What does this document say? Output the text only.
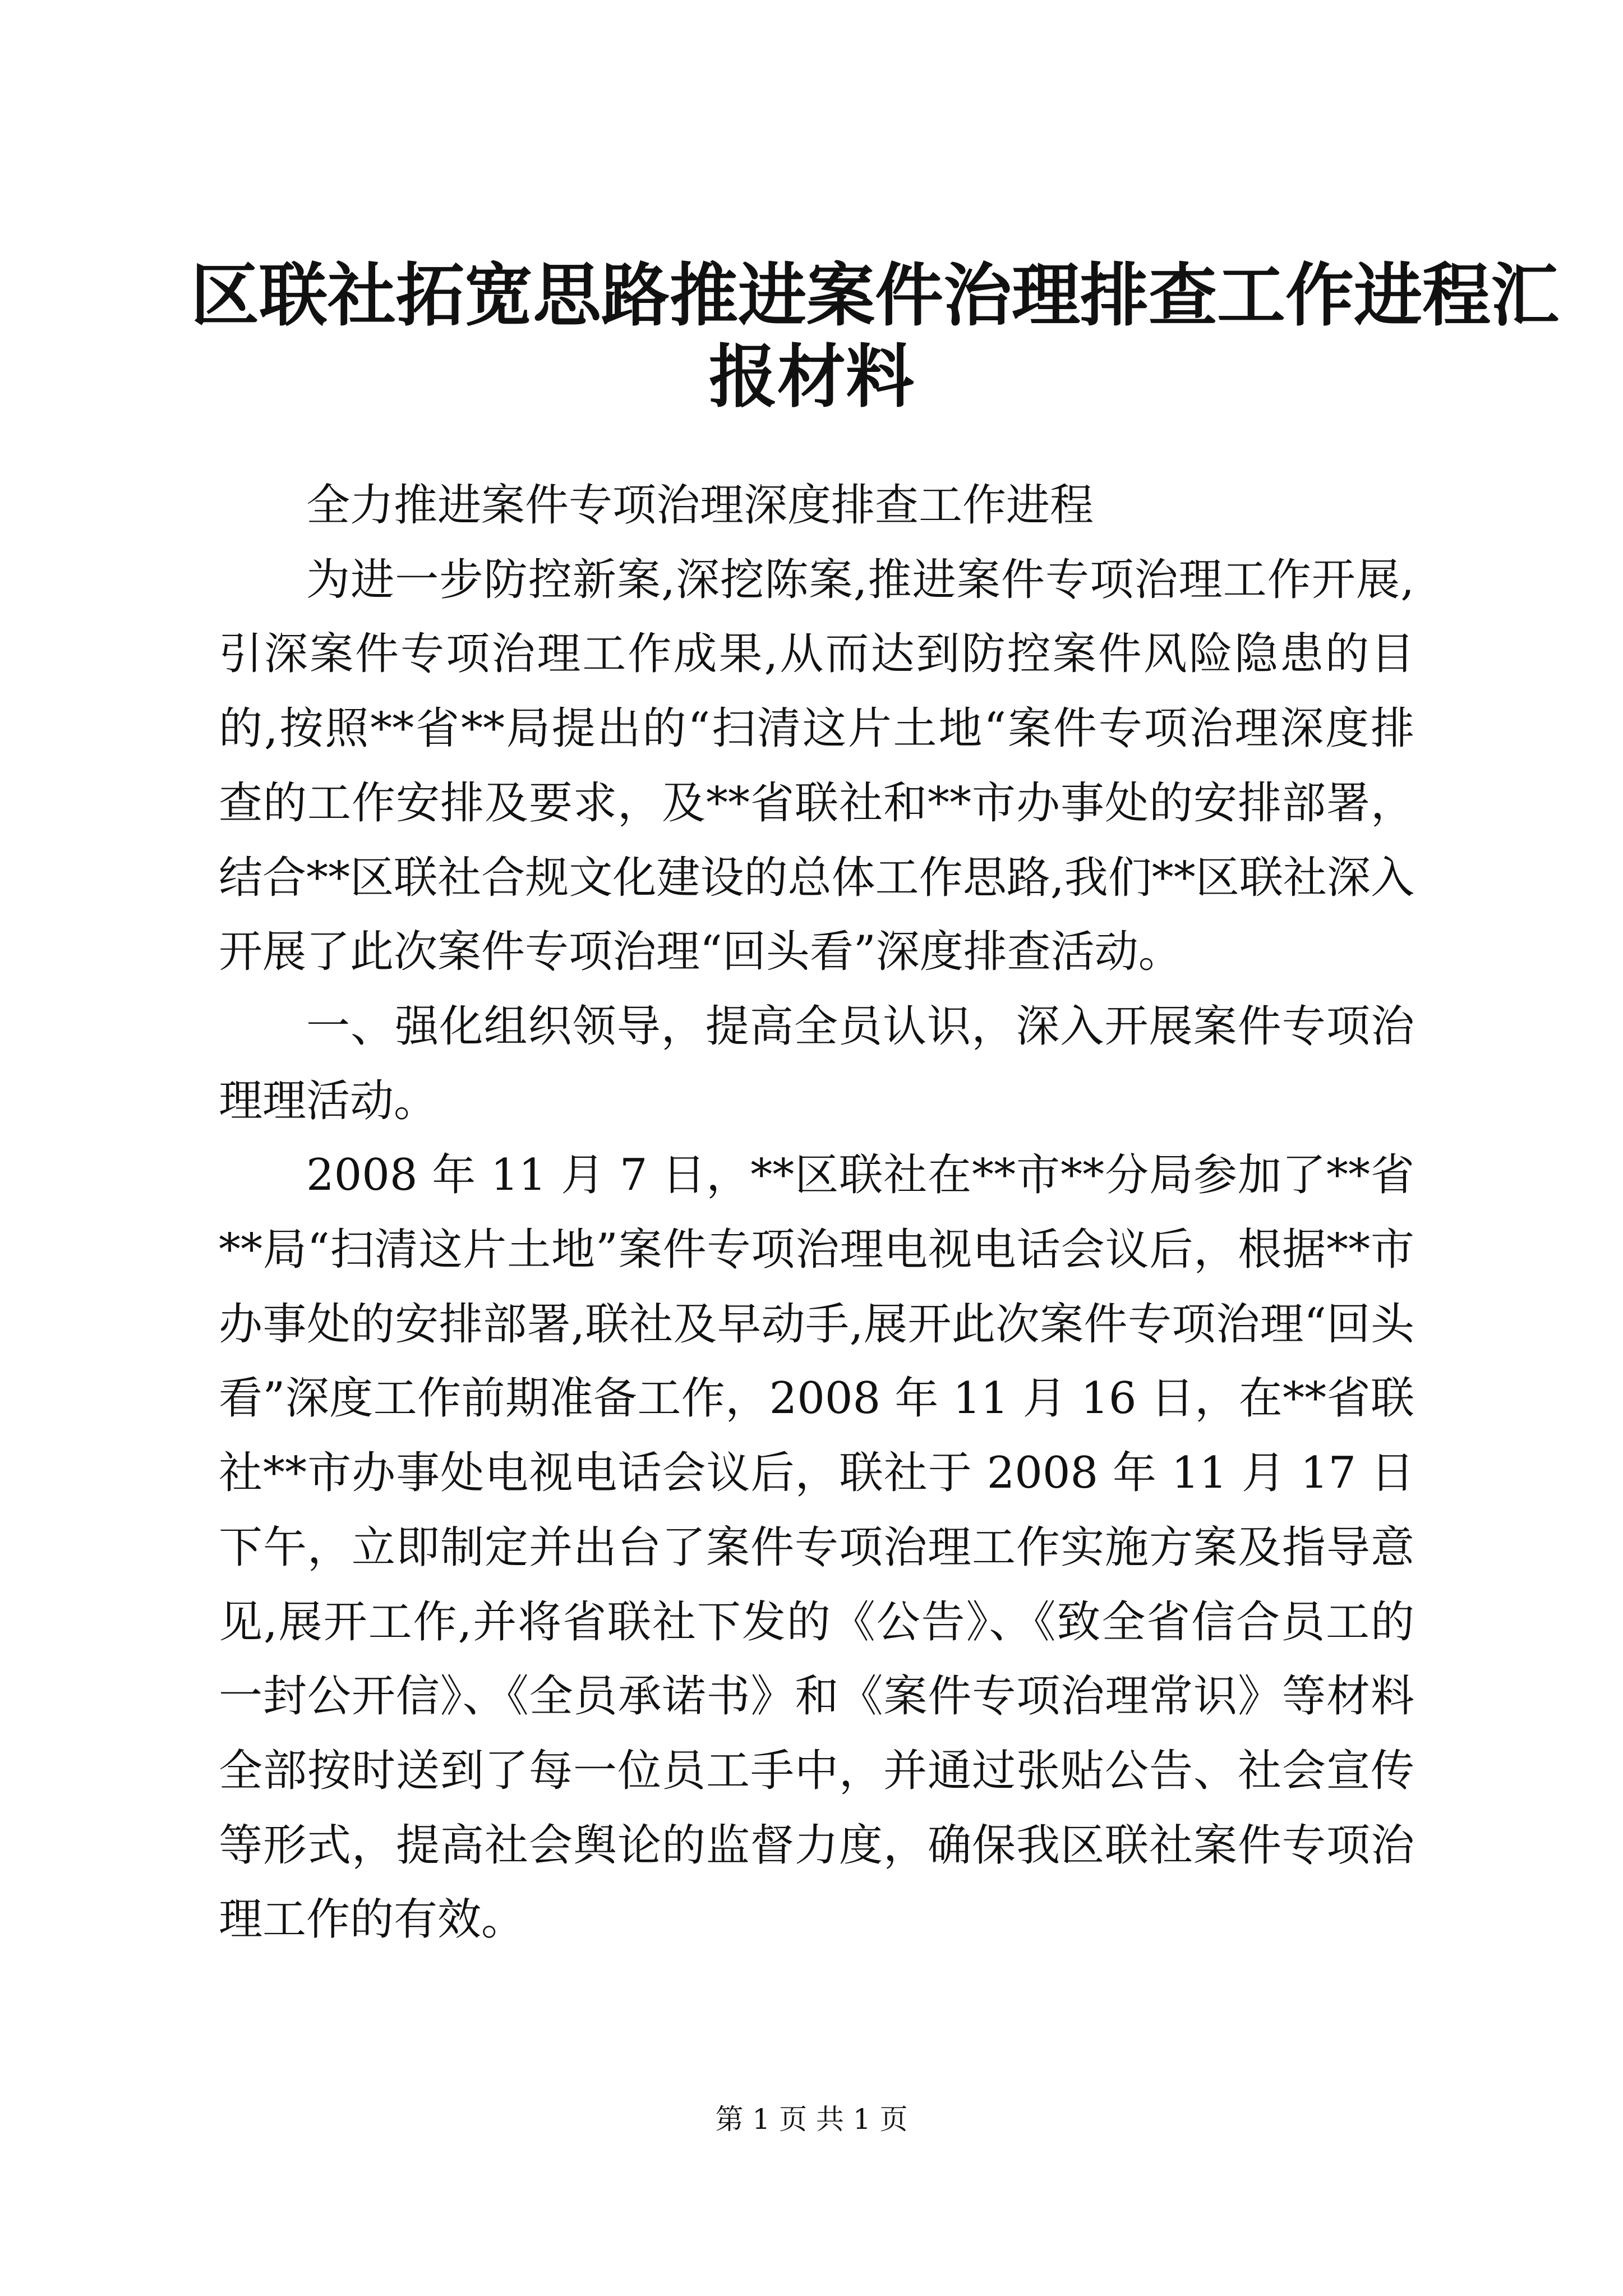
区联社拓宽思路推进案件治理排查工作进程汇
报材料

全力推进案件专项治理深度排查工作进程

为进一步防控新案,深挖陈案,推进案件专项治理工作开展,引深案件专项治理工作成果,从而达到防控案件风险隐患的目的,按照**省**局提出的“扫清这片土地“案件专项治理深度排查的工作安排及要求，及**省联社和**市办事处的安排部署，结合**区联社合规文化建设的总体工作思路,我们**区联社深入开展了此次案件专项治理“回头看”深度排查活动。

一、强化组织领导，提高全员认识，深入开展案件专项治理理活动。

2008 年 11 月 7 日，**区联社在**市**分局参加了**省**局“扫清这片土地”案件专项治理电视电话会议后，根据**市办事处的安排部署,联社及早动手,展开此次案件专项治理“回头看”深度工作前期准备工作，2008 年 11 月 16 日，在**省联社**市办事处电视电话会议后，联社于 2008 年 11 月 17 日下午，立即制定并出台了案件专项治理工作实施方案及指导意见,展开工作,并将省联社下发的《公告》、《致全省信合员工的一封公开信》、《全员承诺书》和《案件专项治理常识》等材料全部按时送到了每一位员工手中，并通过张贴公告、社会宣传等形式，提高社会舆论的监督力度，确保我区联社案件专项治理工作的有效。

第 1 页 共 1 页
